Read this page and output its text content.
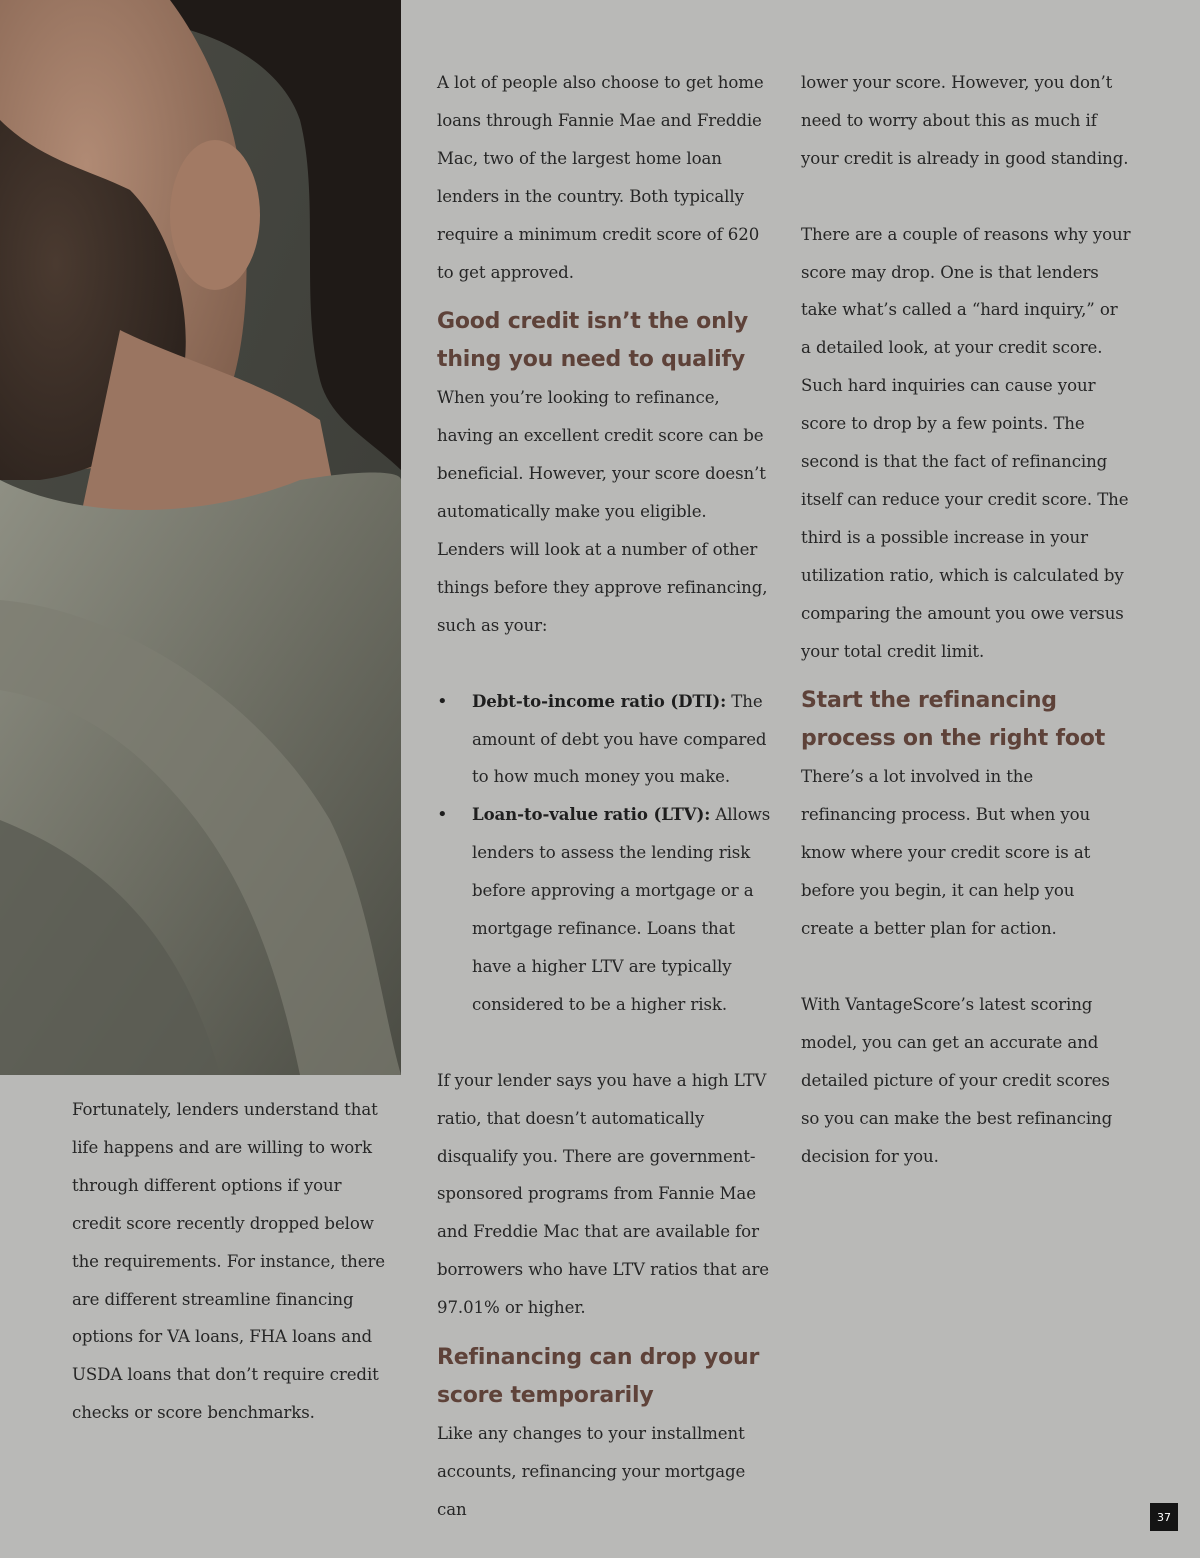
Fortunately, lenders understand that life happens and are willing to work through different options if your credit score recently dropped below the requirements. For instance, there are different streamline financing options for VA loans, FHA loans and USDA loans that don’t require credit checks or score benchmarks.

A lot of people also choose to get home loans through Fannie Mae and Freddie Mac, two of the largest home loan lenders in the country. Both typically require a minimum credit score of 620 to get approved.

Good credit isn’t the only thing you need to qualify

When you’re looking to refinance, having an excellent credit score can be beneficial. However, your score doesn’t automatically make you eligible. Lenders will look at a number of other things before they approve refinancing, such as your:

• Debt-to-income ratio (DTI): The amount of debt you have compared to how much money you make.
• Loan-to-value ratio (LTV): Allows lenders to assess the lending risk before approving a mortgage or a mortgage refinance. Loans that have a higher LTV are typically considered to be a higher risk.

If your lender says you have a high LTV ratio, that doesn’t automatically disqualify you. There are government-sponsored programs from Fannie Mae and Freddie Mac that are available for borrowers who have LTV ratios that are 97.01% or higher.

Refinancing can drop your score temporarily

Like any changes to your installment accounts, refinancing your mortgage can

lower your score. However, you don’t need to worry about this as much if your credit is already in good standing.

There are a couple of reasons why your score may drop. One is that lenders take what’s called a “hard inquiry,” or a detailed look, at your credit score. Such hard inquiries can cause your score to drop by a few points. The second is that the fact of refinancing itself can reduce your credit score. The third is a possible increase in your utilization ratio, which is calculated by comparing the amount you owe versus your total credit limit.

Start the refinancing process on the right foot

There’s a lot involved in the refinancing process. But when you know where your credit score is at before you begin, it can help you create a better plan for action.

With VantageScore’s latest scoring model, you can get an accurate and detailed picture of your credit scores so you can make the best refinancing decision for you.

37
